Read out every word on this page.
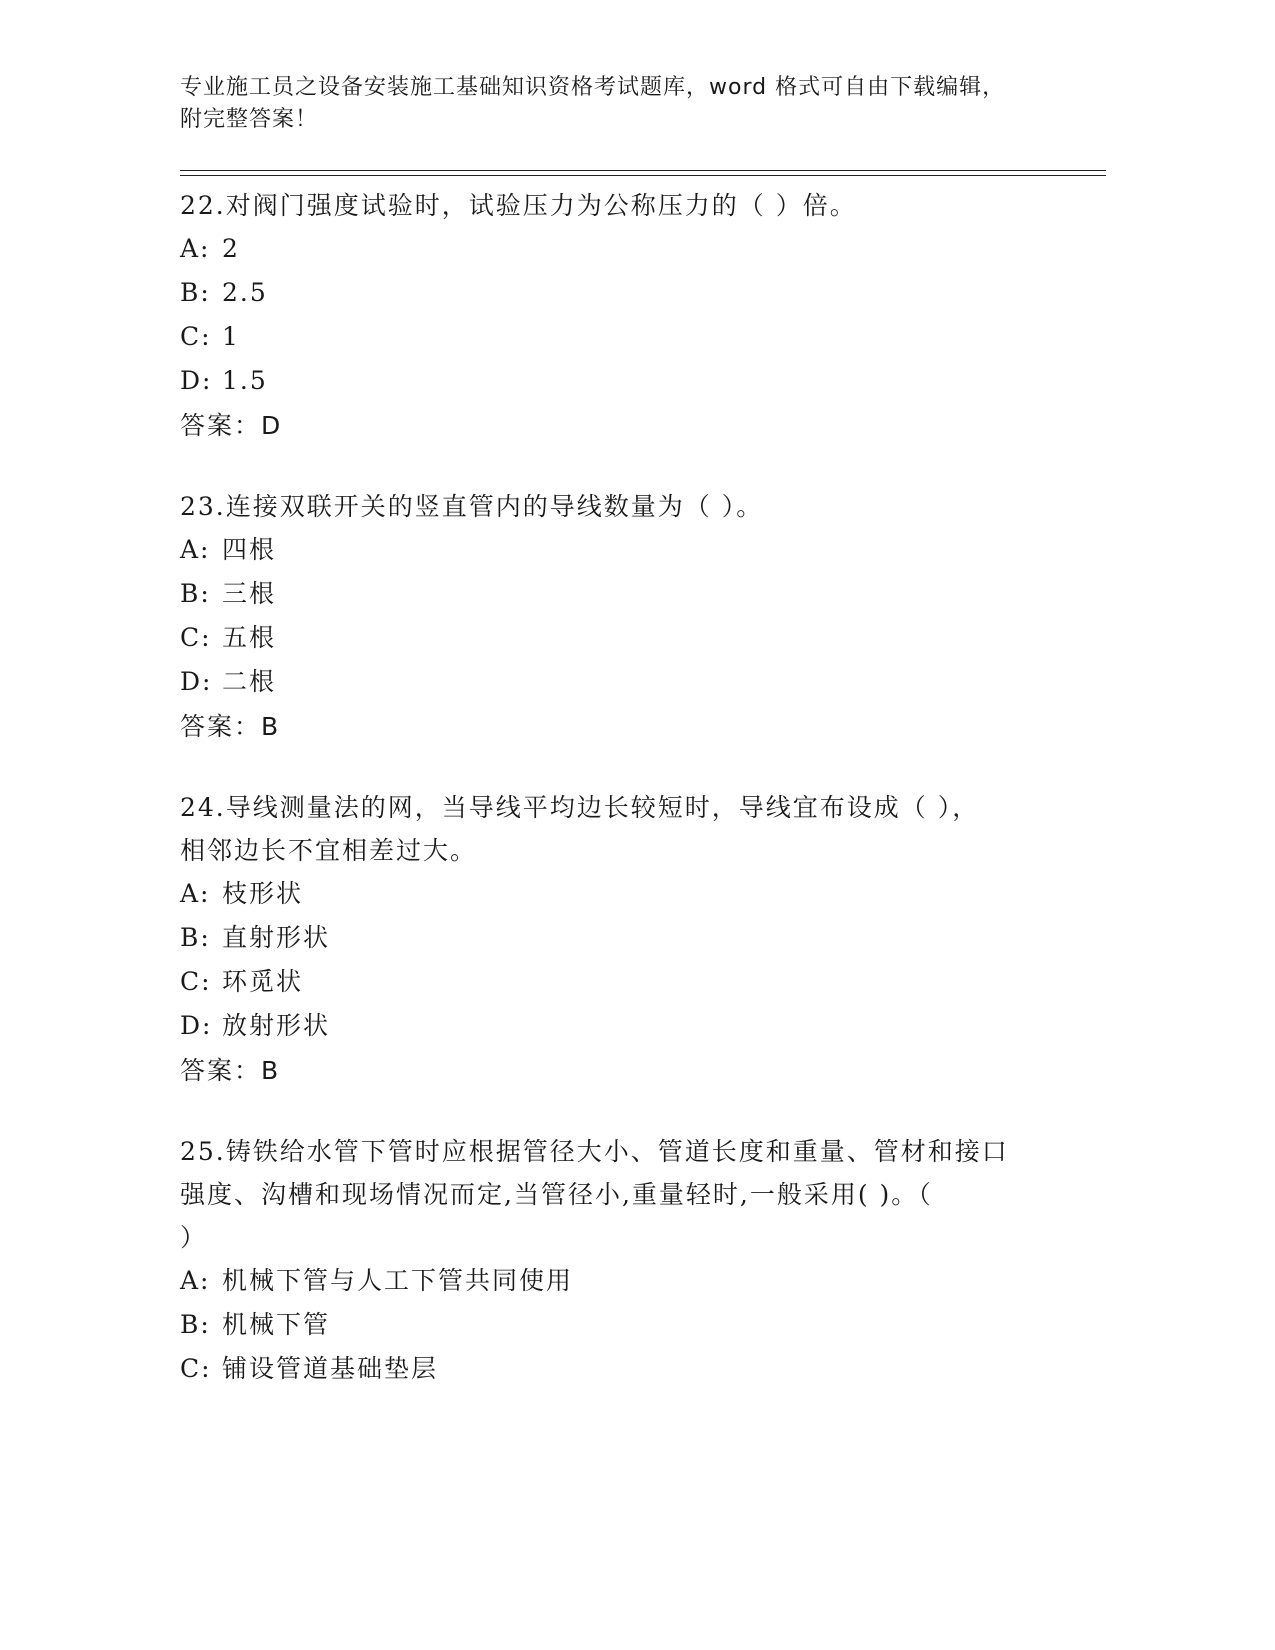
专业施工员之设备安装施工基础知识资格考试题库，word 格式可自由下载编辑，
附完整答案！
22.对阀门强度试验时，试验压力为公称压力的（ ）倍。
A: 2
B: 2.5
C: 1
D: 1.5
答案：D
23.连接双联开关的竖直管内的导线数量为（ ）。
A: 四根
B: 三根
C: 五根
D: 二根
答案：B
24.导线测量法的网，当导线平均边长较短时，导线宜布设成（ ），
相邻边长不宜相差过大。
A: 枝形状
B: 直射形状
C: 环觅状
D: 放射形状
答案：B
25.铸铁给水管下管时应根据管径大小、管道长度和重量、管材和接口
强度、沟槽和现场情况而定,当管径小,重量轻时,一般采用( )。（
）
A: 机械下管与人工下管共同使用
B: 机械下管
C: 铺设管道基础垫层
